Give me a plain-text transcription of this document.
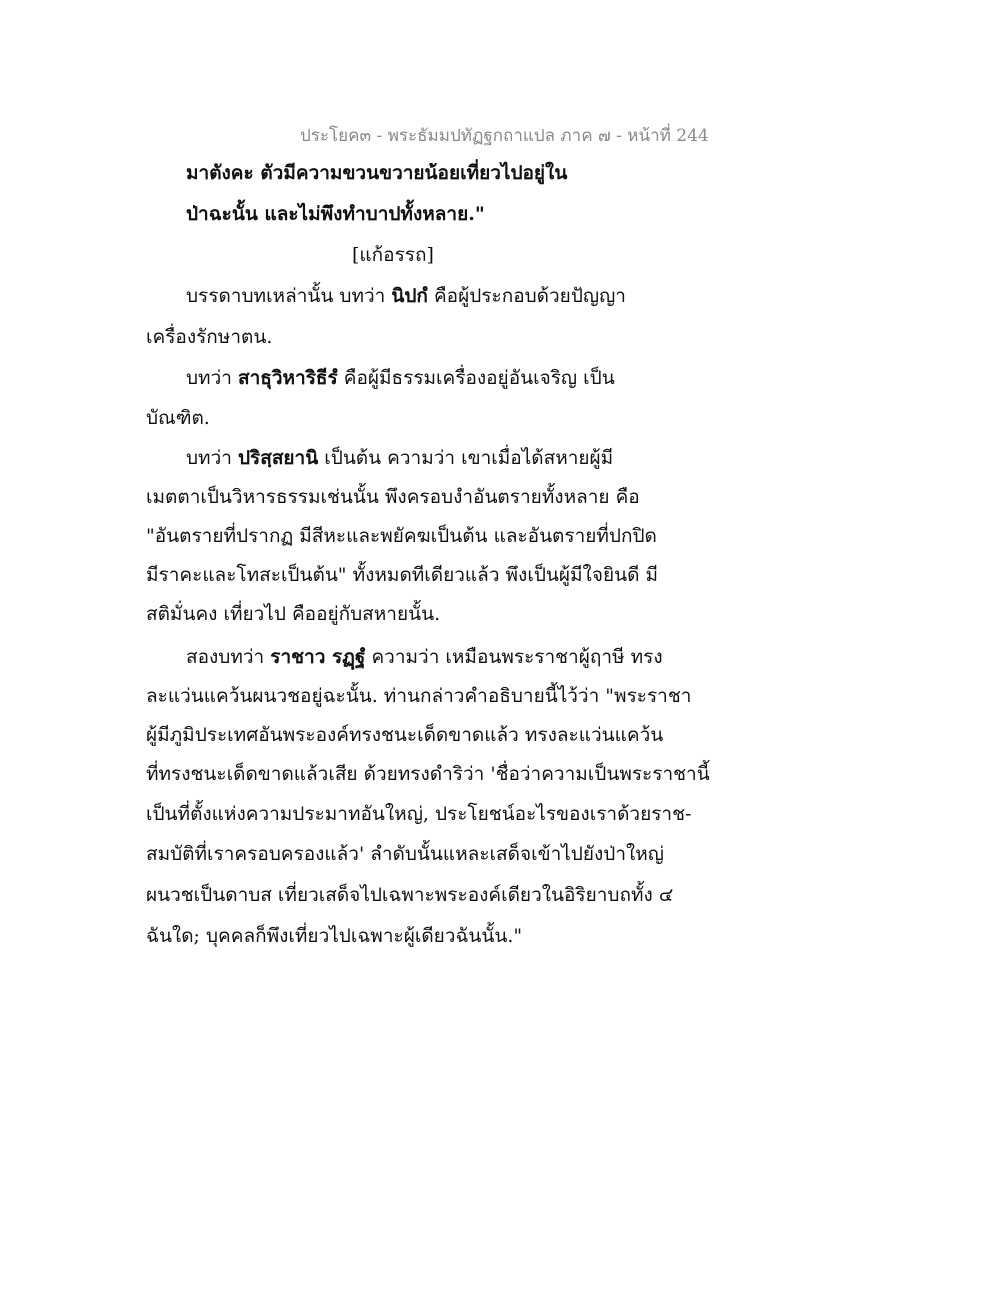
ประโยค๓ - พระธัมมปทัฏฐกถาแปล ภาค ๗ - หน้าที่ 244
มาตังคะ ตัวมีความขวนขวายน้อยเที่ยวไปอยู่ใน
ป่าฉะนั้น และไม่พึงทำบาปทั้งหลาย."
[แก้อรรถ]
บรรดาบทเหล่านั้น บทว่า นิปกํ คือผู้ประกอบด้วยปัญญา
เครื่องรักษาตน.
บทว่า สาธุวิหาริธีรํ คือผู้มีธรรมเครื่องอยู่อันเจริญ เป็น
บัณฑิต.
บทว่า ปริสฺสยานิ เป็นต้น ความว่า เขาเมื่อได้สหายผู้มี
เมตตาเป็นวิหารธรรมเช่นนั้น พึงครอบงำอันตรายทั้งหลาย คือ
"อันตรายที่ปรากฏ มีสีหะและพยัคฆเป็นต้น และอันตรายที่ปกปิด
มีราคะและโทสะเป็นต้น" ทั้งหมดทีเดียวแล้ว พึงเป็นผู้มีใจยินดี มี
สติมั่นคง เที่ยวไป คืออยู่กับสหายนั้น.
สองบทว่า ราชาว รฏฺฐํ ความว่า เหมือนพระราชาผู้ฤาษี ทรง
ละแว่นแคว้นผนวชอยู่ฉะนั้น. ท่านกล่าวคำอธิบายนี้ไว้ว่า "พระราชา
ผู้มีภูมิประเทศอันพระองค์ทรงชนะเด็ดขาดแล้ว ทรงละแว่นแคว้น
ที่ทรงชนะเด็ดขาดแล้วเสีย ด้วยทรงดำริว่า 'ชื่อว่าความเป็นพระราชานี้
เป็นที่ตั้งแห่งความประมาทอันใหญ่, ประโยชน์อะไรของเราด้วยราช-
สมบัติที่เราครอบครองแล้ว' ลำดับนั้นแหละเสด็จเข้าไปยังป่าใหญ่
ผนวชเป็นดาบส เที่ยวเสด็จไปเฉพาะพระองค์เดียวในอิริยาบถทั้ง ๔
ฉันใด; บุคคลก็พึงเที่ยวไปเฉพาะผู้เดียวฉันนั้น."
